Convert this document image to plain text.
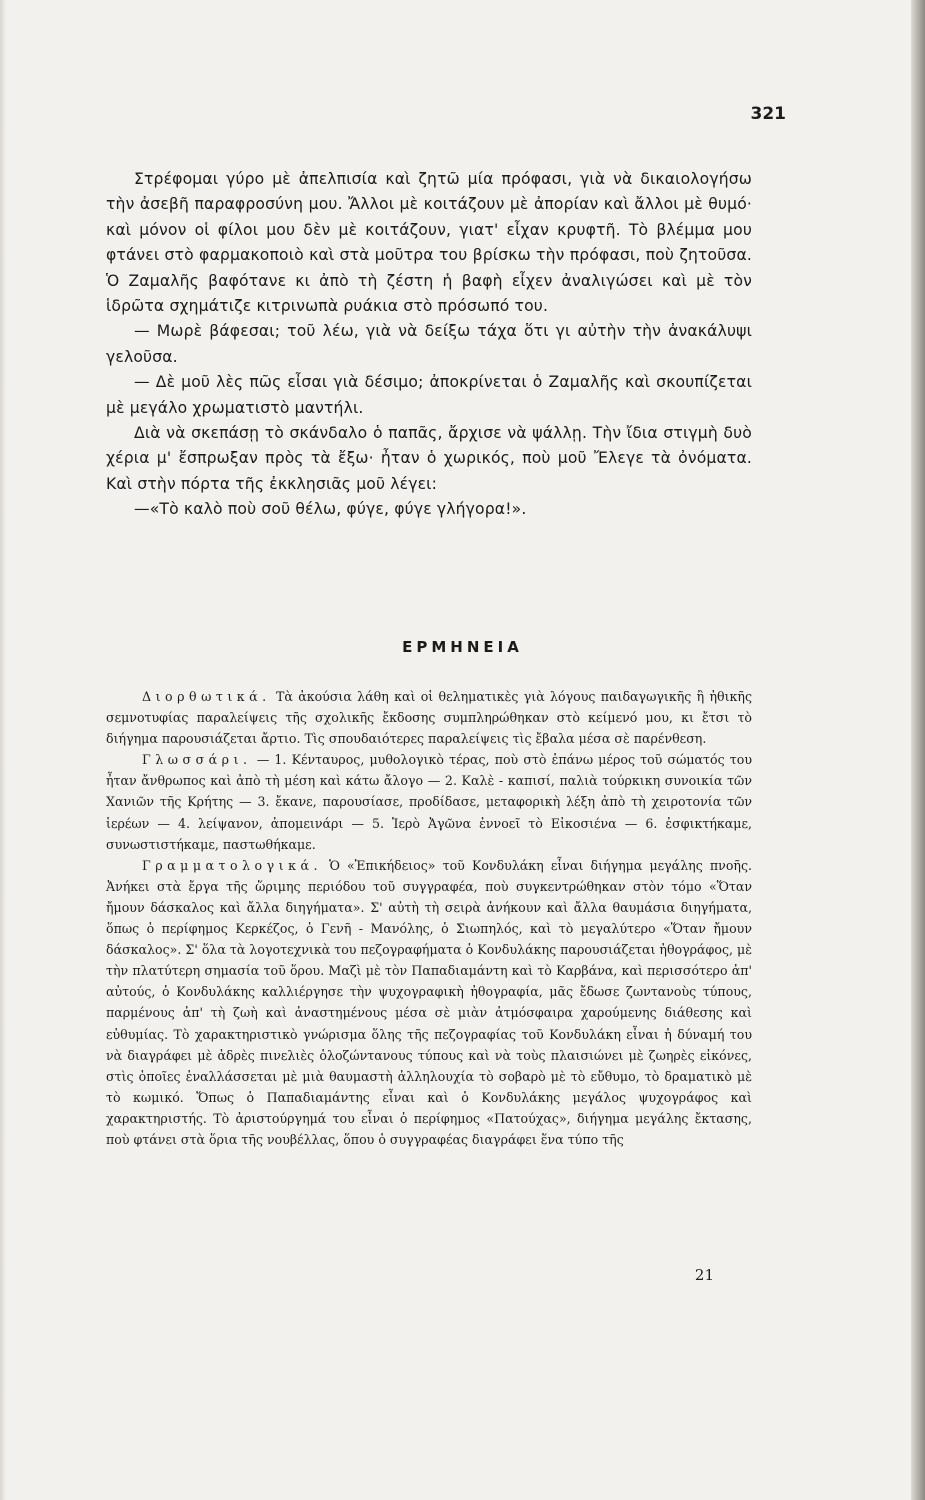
321

Στρέφομαι γύρο μὲ ἀπελπισία καὶ ζητῶ μία πρόφασι, γιὰ νὰ δικαιολογήσω τὴν ἀσεβῆ παραφροσύνη μου. Ἄλλοι μὲ κοιτάζουν μὲ ἀπορίαν καὶ ἄλλοι μὲ θυμό· καὶ μόνον οἱ φίλοι μου δὲν μὲ κοιτάζουν, γιατ' εἶχαν κρυφτῆ. Τὸ βλέμμα μου φτάνει στὸ φαρμακοποιὸ καὶ στὰ μοῦτρα του βρίσκω τὴν πρόφασι, ποὺ ζητοῦσα. Ὁ Ζαμαλῆς βαφότανε κι ἀπὸ τὴ ζέστη ἡ βαφὴ εἶχεν ἀναλιγώσει καὶ μὲ τὸν ἱδρῶτα σχημάτιζε κιτρινωπὰ ρυάκια στὸ πρόσωπό του.

— Μωρὲ βάφεσαι; τοῦ λέω, γιὰ νὰ δείξω τάχα ὅτι γι αὐτὴν τὴν ἀνακάλυψι γελοῦσα.

— Δὲ μοῦ λὲς πῶς εἶσαι γιὰ δέσιμο; ἀποκρίνεται ὁ Ζαμαλῆς καὶ σκουπίζεται μὲ μεγάλο χρωματιστὸ μαντήλι.

Διὰ νὰ σκεπάσῃ τὸ σκάνδαλο ὁ παπᾶς, ἄρχισε νὰ ψάλλῃ. Τὴν ἴδια στιγμὴ δυὸ χέρια μ' ἔσπρωξαν πρὸς τὰ ἔξω· ἦταν ὁ χωρικός, ποὺ μοῦ Ἔλεγε τὰ ὀνόματα. Καὶ στὴν πόρτα τῆς ἐκκλησιᾶς μοῦ λέγει:

—«Τὸ καλὸ ποὺ σοῦ θέλω, φύγε, φύγε γλήγορα!».

ΕΡΜΗΝΕΙΑ

Διορθωτικά. Τὰ ἀκούσια λάθη καὶ οἱ θεληματικὲς γιὰ λόγους παιδαγωγικῆς ἢ ἠθικῆς σεμνοτυφίας παραλείψεις τῆς σχολικῆς ἔκδοσης συμπληρώθηκαν στὸ κείμενό μου, κι ἔτσι τὸ διήγημα παρουσιάζεται ἄρτιο. Τὶς σπουδαιότερες παραλείψεις τὶς ἔβαλα μέσα σὲ παρένθεση.

Γλωσσάρι. — 1. Κένταυρος, μυθολογικὸ τέρας, ποὺ στὸ ἐπάνω μέρος τοῦ σώματός του ἦταν ἄνθρωπος καὶ ἀπὸ τὴ μέση καὶ κάτω ἄλογο — 2. Καλὲ - καπισί, παλιὰ τούρκικη συνοικία τῶν Χανιῶν τῆς Κρήτης — 3. ἔκανε, παρουσίασε, προδίδασε, μεταφορικὴ λέξη ἀπὸ τὴ χειροτονία τῶν ἱερέων — 4. λείψανον, ἀπομεινάρι — 5. Ἱερὸ Ἀγῶνα ἐννοεῖ τὸ Εἰκοσιένα — 6. ἐσφικτήκαμε, συνωστιστήκαμε, παστωθήκαμε.

Γραμματολογικά. Ὁ «Ἐπικήδειος» τοῦ Κονδυλάκη εἶναι διήγημα μεγάλης πνοῆς. Ἀνήκει στὰ ἔργα τῆς ὥριμης περιόδου τοῦ συγγραφέα, ποὺ συγκεντρώθηκαν στὸν τόμο «Ὅταν ἤμουν δάσκαλος καὶ ἄλλα διηγήματα». Σ' αὐτὴ τὴ σειρὰ ἀνήκουν καὶ ἄλλα θαυμάσια διηγήματα, ὅπως ὁ περίφημος Κερκέζος, ὁ Γενῆ - Μανόλης, ὁ Σιωπηλός, καὶ τὸ μεγαλύτερο «Ὅταν ἤμουν δάσκαλος». Σ' ὅλα τὰ λογοτεχνικὰ του πεζογραφήματα ὁ Κονδυλάκης παρουσιάζεται ἠθογράφος, μὲ τὴν πλατύτερη σημασία τοῦ ὅρου. Μαζὶ μὲ τὸν Παπαδιαμάντη καὶ τὸ Καρβάνα, καὶ περισσότερο ἀπ' αὐτούς, ὁ Κονδυλάκης καλλιέργησε τὴν ψυχογραφικὴ ἠθογραφία, μᾶς ἔδωσε ζωντανοὺς τύπους, παρμένους ἀπ' τὴ ζωὴ καὶ ἀναστημένους μέσα σὲ μιὰν ἀτμόσφαιρα χαρούμενης διάθεσης καὶ εὐθυμίας. Τὸ χαρακτηριστικὸ γνώρισμα ὅλης τῆς πεζογραφίας τοῦ Κονδυλάκη εἶναι ἡ δύναμή του νὰ διαγράφει μὲ ἀδρὲς πινελιὲς ὁλοζώντανους τύπους καὶ νὰ τοὺς πλαισιώνει μὲ ζωηρὲς εἰκόνες, στὶς ὁποῖες ἐναλλάσσεται μὲ μιὰ θαυμαστὴ ἀλληλουχία τὸ σοβαρὸ μὲ τὸ εὔθυμο, τὸ δραματικὸ μὲ τὸ κωμικό. Ὅπως ὁ Παπαδιαμάντης εἶναι καὶ ὁ Κονδυλάκης μεγάλος ψυχογράφος καὶ χαρακτηριστής. Τὸ ἀριστούργημά του εἶναι ὁ περίφημος «Πατούχας», διήγημα μεγάλης ἔκτασης, ποὺ φτάνει στὰ ὅρια τῆς νουβέλλας, ὅπου ὁ συγγραφέας διαγράφει ἕνα τύπο τῆς

21
